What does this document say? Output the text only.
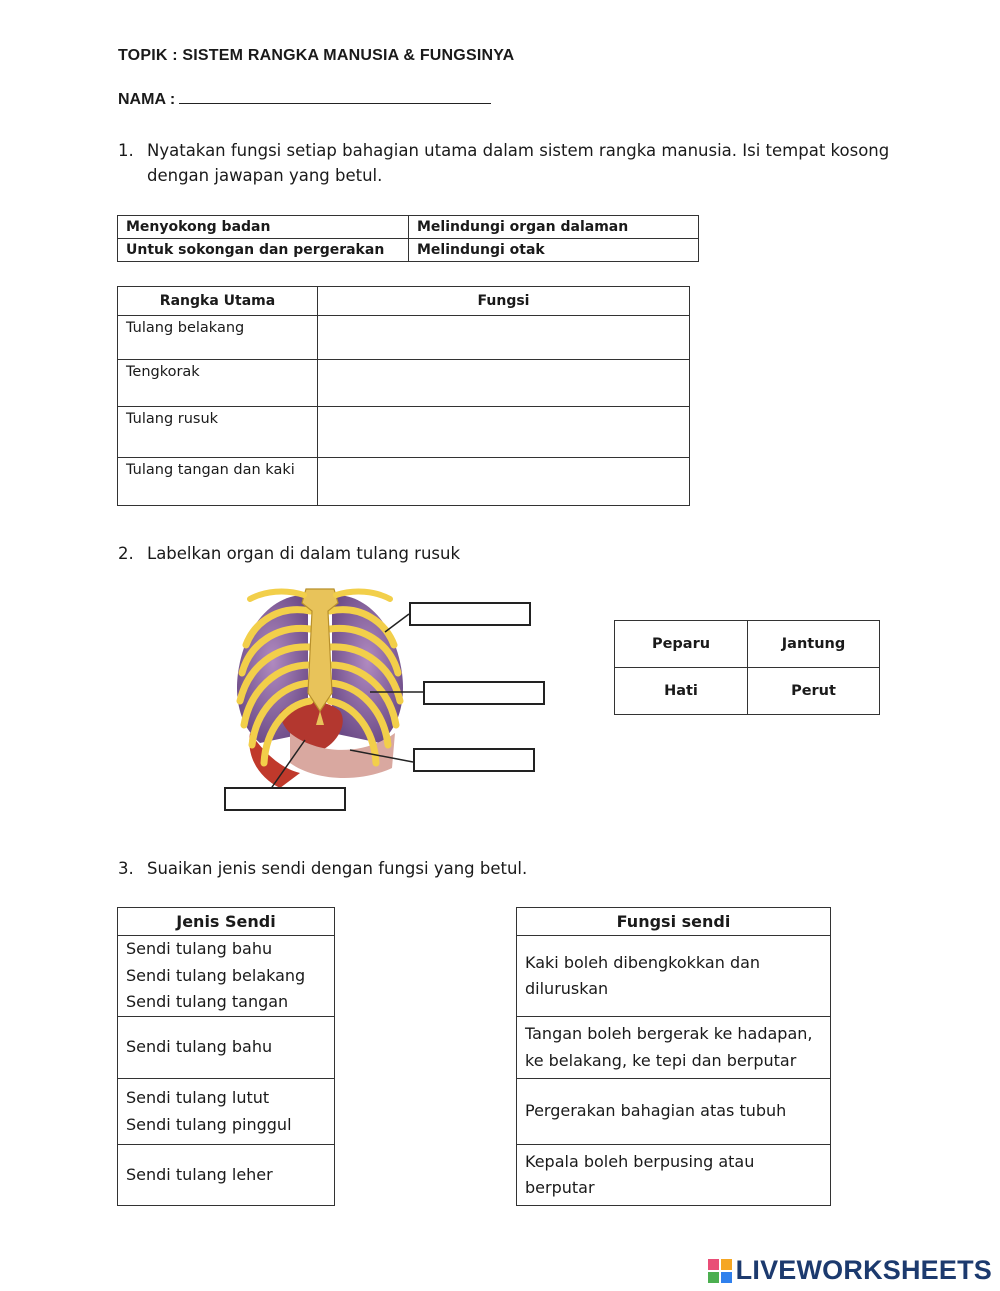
TOPIK : SISTEM RANGKA MANUSIA & FUNGSINYA
NAMA :
1. Nyatakan fungsi setiap bahagian utama dalam sistem rangka manusia. Isi tempat kosong
dengan jawapan yang betul.
Menyokong badan	Melindungi organ dalaman
Untuk sokongan dan pergerakan	Melindungi otak
Rangka Utama	Fungsi
Tulang belakang	
Tengkorak	
Tulang rusuk	
Tulang tangan dan kaki	
2. Labelkan organ di dalam tulang rusuk
Peparu	Jantung
Hati	Perut
3. Suaikan jenis sendi dengan fungsi yang betul.
Jenis Sendi

Sendi tulang bahu
Sendi tulang belakang
Sendi tulang tangan

Sendi tulang bahu

Sendi tulang lutut
Sendi tulang pinggul

Sendi tulang leher
Fungsi sendi

Kaki boleh dibengkokkan dan
diluruskan

Tangan boleh bergerak ke hadapan,
ke belakang, ke tepi dan berputar

Pergerakan bahagian atas tubuh

Kepala boleh berpusing atau
berputar
LIVEWORKSHEETS
